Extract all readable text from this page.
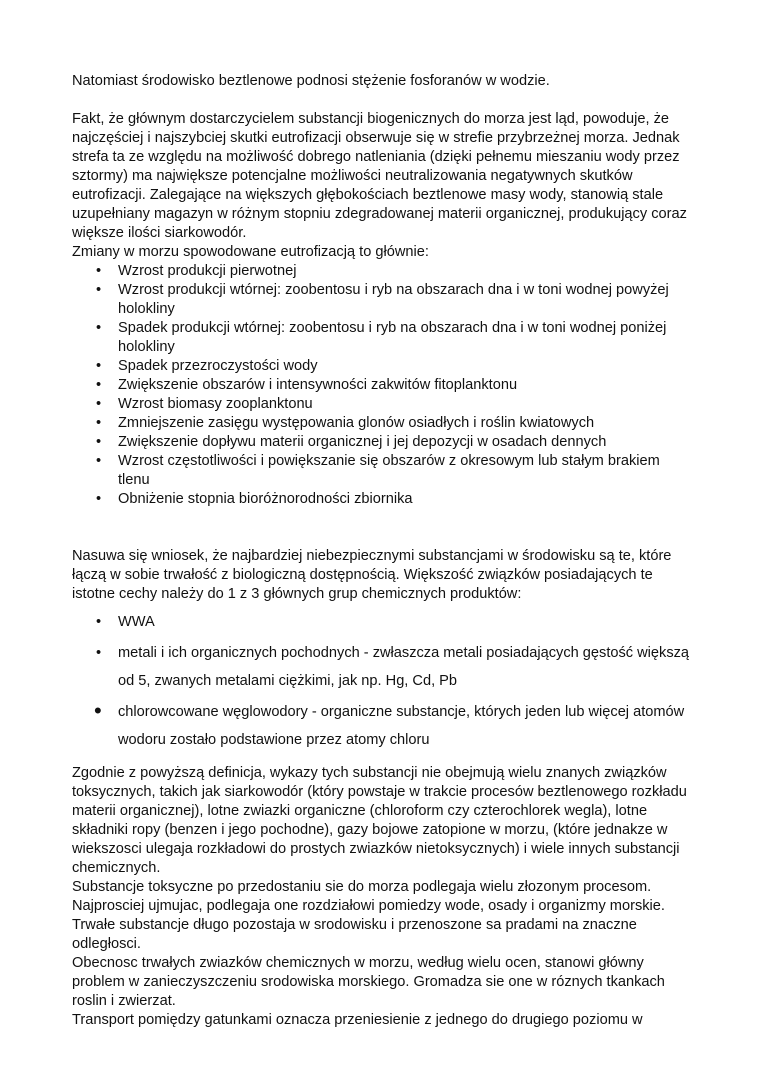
Natomiast środowisko beztlenowe podnosi stężenie fosforanów w wodzie.

Fakt, że głównym dostarczycielem substancji biogenicznych do morza jest ląd, powoduje, że najczęściej i najszybciej skutki eutrofizacji obserwuje się w strefie przybrzeżnej morza. Jednak strefa ta ze względu na możliwość dobrego natleniania (dzięki pełnemu mieszaniu wody przez sztormy) ma największe potencjalne możliwości neutralizowania negatywnych skutków eutrofizacji. Zalegające na większych głębokościach beztlenowe masy wody, stanowią stale uzupełniany magazyn w różnym stopniu zdegradowanej materii organicznej, produkujący coraz większe ilości siarkowodór.

Zmiany w morzu spowodowane eutrofizacją to głównie:

• Wzrost produkcji pierwotnej
• Wzrost produkcji wtórnej: zoobentosu i ryb na obszarach dna i w toni wodnej powyżej holokliny
• Spadek produkcji wtórnej: zoobentosu i ryb na obszarach dna i w toni wodnej poniżej holokliny
• Spadek przezroczystości wody
• Zwiększenie obszarów i intensywności zakwitów fitoplanktonu
• Wzrost biomasy zooplanktonu
• Zmniejszenie zasięgu występowania glonów osiadłych i roślin kwiatowych
• Zwiększenie dopływu materii organicznej i jej depozycji w osadach dennych
• Wzrost częstotliwości i powiększanie się obszarów z okresowym lub stałym brakiem tlenu
• Obniżenie stopnia bioróżnorodności zbiornika

Nasuwa się wniosek, że najbardziej niebezpiecznymi substancjami w środowisku są te, które łączą w sobie trwałość z biologiczną dostępnością. Większość związków posiadających te istotne cechy należy do 1 z 3 głównych grup chemicznych produktów:

• WWA
• metali i ich organicznych pochodnych - zwłaszcza metali posiadających gęstość większą od 5, zwanych metalami ciężkimi, jak np. Hg, Cd, Pb
• chlorowcowane węglowodory - organiczne substancje, których jeden lub więcej atomów wodoru zostało podstawione przez atomy chloru

Zgodnie z powyższą definicja, wykazy tych substancji nie obejmują wielu znanych związków toksycznych, takich jak siarkowodór (który powstaje w trakcie procesów beztlenowego rozkładu materii organicznej), lotne zwiazki organiczne (chloroform czy czterochlorek wegla), lotne składniki ropy (benzen i jego pochodne), gazy bojowe zatopione w morzu, (które jednakze w wiekszosci ulegaja rozkładowi do prostych zwiazków nietoksycznych) i wiele innych substancji chemicznych.

Substancje toksyczne po przedostaniu sie do morza podlegaja wielu złozonym procesom. Najprosciej ujmujac, podlegaja one rozdziałowi pomiedzy wode, osady i organizmy morskie. Trwałe substancje długo pozostaja w srodowisku i przenoszone sa pradami na znaczne odległosci.

Obecnosc trwałych zwiazków chemicznych w morzu, według wielu ocen, stanowi główny problem w zanieczyszczeniu srodowiska morskiego. Gromadza sie one w róznych tkankach roslin i zwierzat.

Transport pomiędzy gatunkami oznacza przeniesienie z jednego do drugiego poziomu w
